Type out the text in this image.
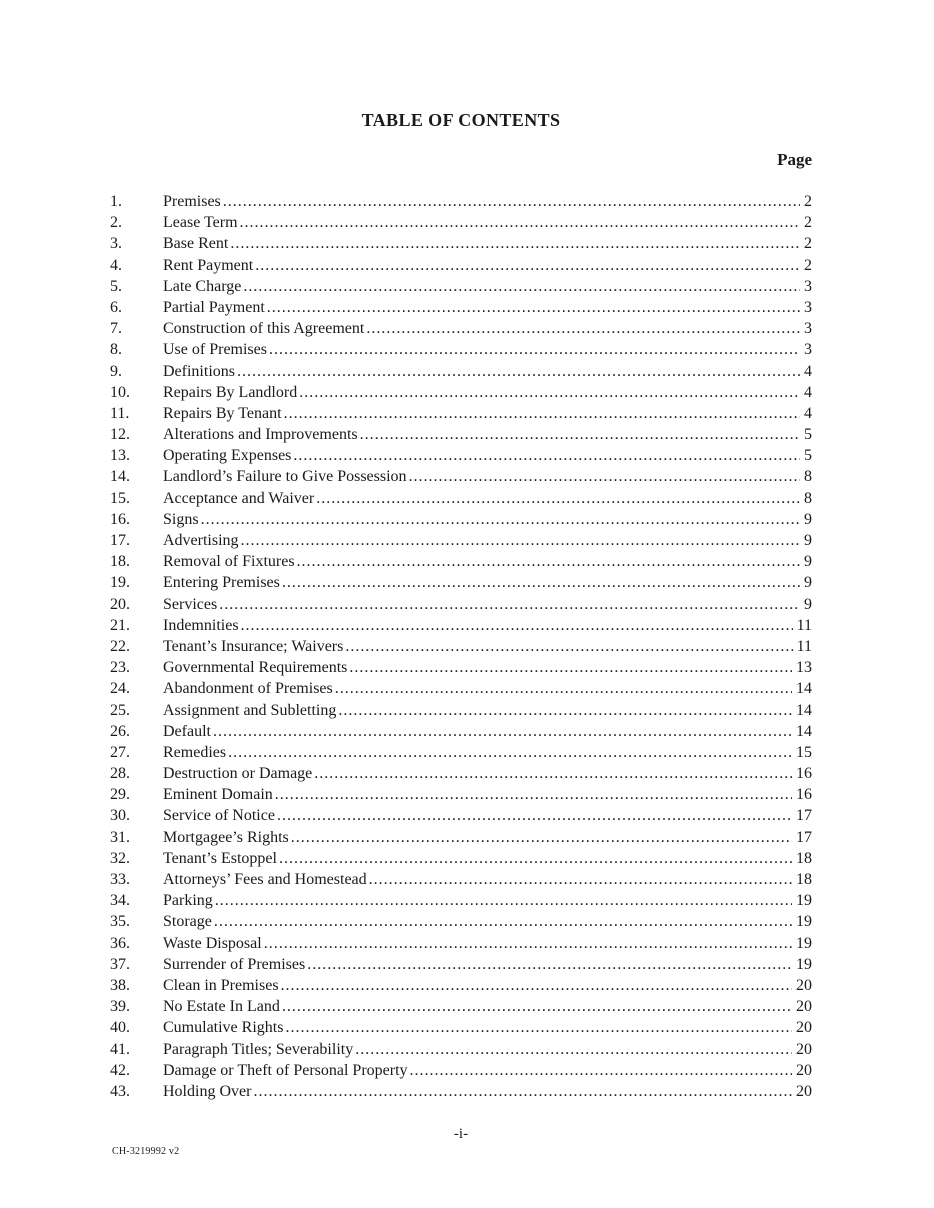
TABLE OF CONTENTS
Page
1.	Premises .....	2
2.	Lease Term .....	2
3.	Base Rent .....	2
4.	Rent Payment .....	2
5.	Late Charge .....	3
6.	Partial Payment .....	3
7.	Construction of this Agreement .....	3
8.	Use of Premises .....	3
9.	Definitions .....	4
10.	Repairs By Landlord .....	4
11.	Repairs By Tenant .....	4
12.	Alterations and Improvements .....	5
13.	Operating Expenses .....	5
14.	Landlord’s Failure to Give Possession .....	8
15.	Acceptance and Waiver .....	8
16.	Signs .....	9
17.	Advertising .....	9
18.	Removal of Fixtures .....	9
19.	Entering Premises .....	9
20.	Services .....	9
21.	Indemnities .....	11
22.	Tenant’s Insurance; Waivers .....	11
23.	Governmental Requirements .....	13
24.	Abandonment of Premises .....	14
25.	Assignment and Subletting .....	14
26.	Default .....	14
27.	Remedies .....	15
28.	Destruction or Damage .....	16
29.	Eminent Domain .....	16
30.	Service of Notice .....	17
31.	Mortgagee’s Rights .....	17
32.	Tenant’s Estoppel .....	18
33.	Attorneys’ Fees and Homestead .....	18
34.	Parking .....	19
35.	Storage .....	19
36.	Waste Disposal .....	19
37.	Surrender of Premises .....	19
38.	Clean in Premises .....	20
39.	No Estate In Land .....	20
40.	Cumulative Rights .....	20
41.	Paragraph Titles; Severability .....	20
42.	Damage or Theft of Personal Property .....	20
43.	Holding Over .....	20
-i-
CH-3219992 v2
